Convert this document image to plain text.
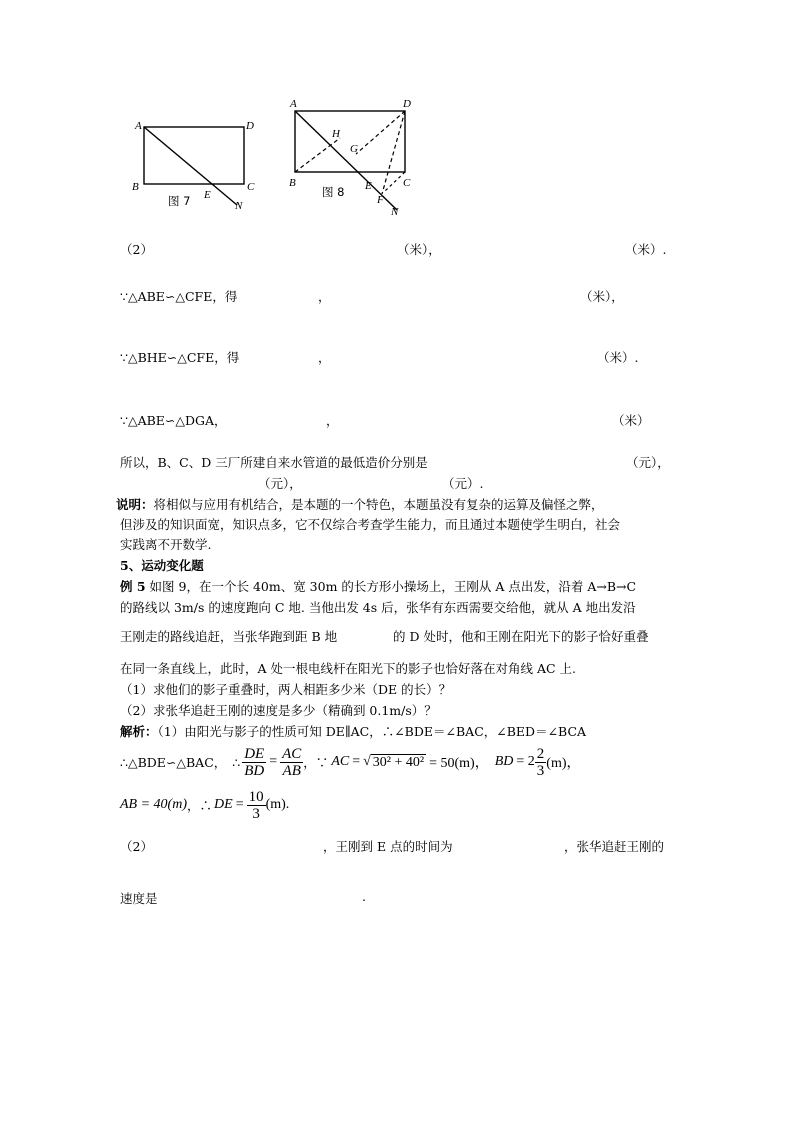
A	D
B	C
E
N
图 7
A	D
H
G
B	C
E
F
N
图 8
（2）	（米），	（米）.
∵△ABE∽△CFE，得	，	（米），
∵△BHE∽△CFE，得	，	（米）.
∵△ABE∽△DGA，	，	（米）
所以，B、C、D 三厂所建自来水管道的最低造价分别是	（元），
（元），	（元）.
说明：将相似与应用有机结合，是本题的一个特色，本题虽没有复杂的运算及偏怪之弊，
但涉及的知识面宽，知识点多，它不仅综合考查学生能力，而且通过本题使学生明白，社会
实践离不开数学.
5、运动变化题
例 5 如图 9，在一个长 40m、宽 30m 的长方形小操场上，王刚从 A 点出发，沿着 A→B→C
的路线以 3m/s 的速度跑向 C 地. 当他出发 4s 后，张华有东西需要交给他，就从 A 地出发沿
王刚走的路线追赶，当张华跑到距 B 地	的 D 处时，他和王刚在阳光下的影子恰好重叠
在同一条直线上，此时，A 处一根电线杆在阳光下的影子也恰好落在对角线 AC 上.
（1）求他们的影子重叠时，两人相距多少米（DE 的长）？
（2）求张华追赶王刚的速度是多少（精确到 0.1m/s）？
解析：（1）由阳光与影子的性质可知 DE∥AC，∴∠BDE＝∠BAC，∠BED＝∠BCA
∴△BDE∽△BAC， ∴ $\frac{DE}{BD} = \frac{AC}{AB}$ ，∵ AC = √ 30² + 40² = 50(m)， BD = $2 \frac{2}{3} (m)$，
AB = 40(m) ，∴ DE = $\frac{10}{3} (m)$.
（2）	，王刚到 E 点的时间为	，张华追赶王刚的
速度是	.
